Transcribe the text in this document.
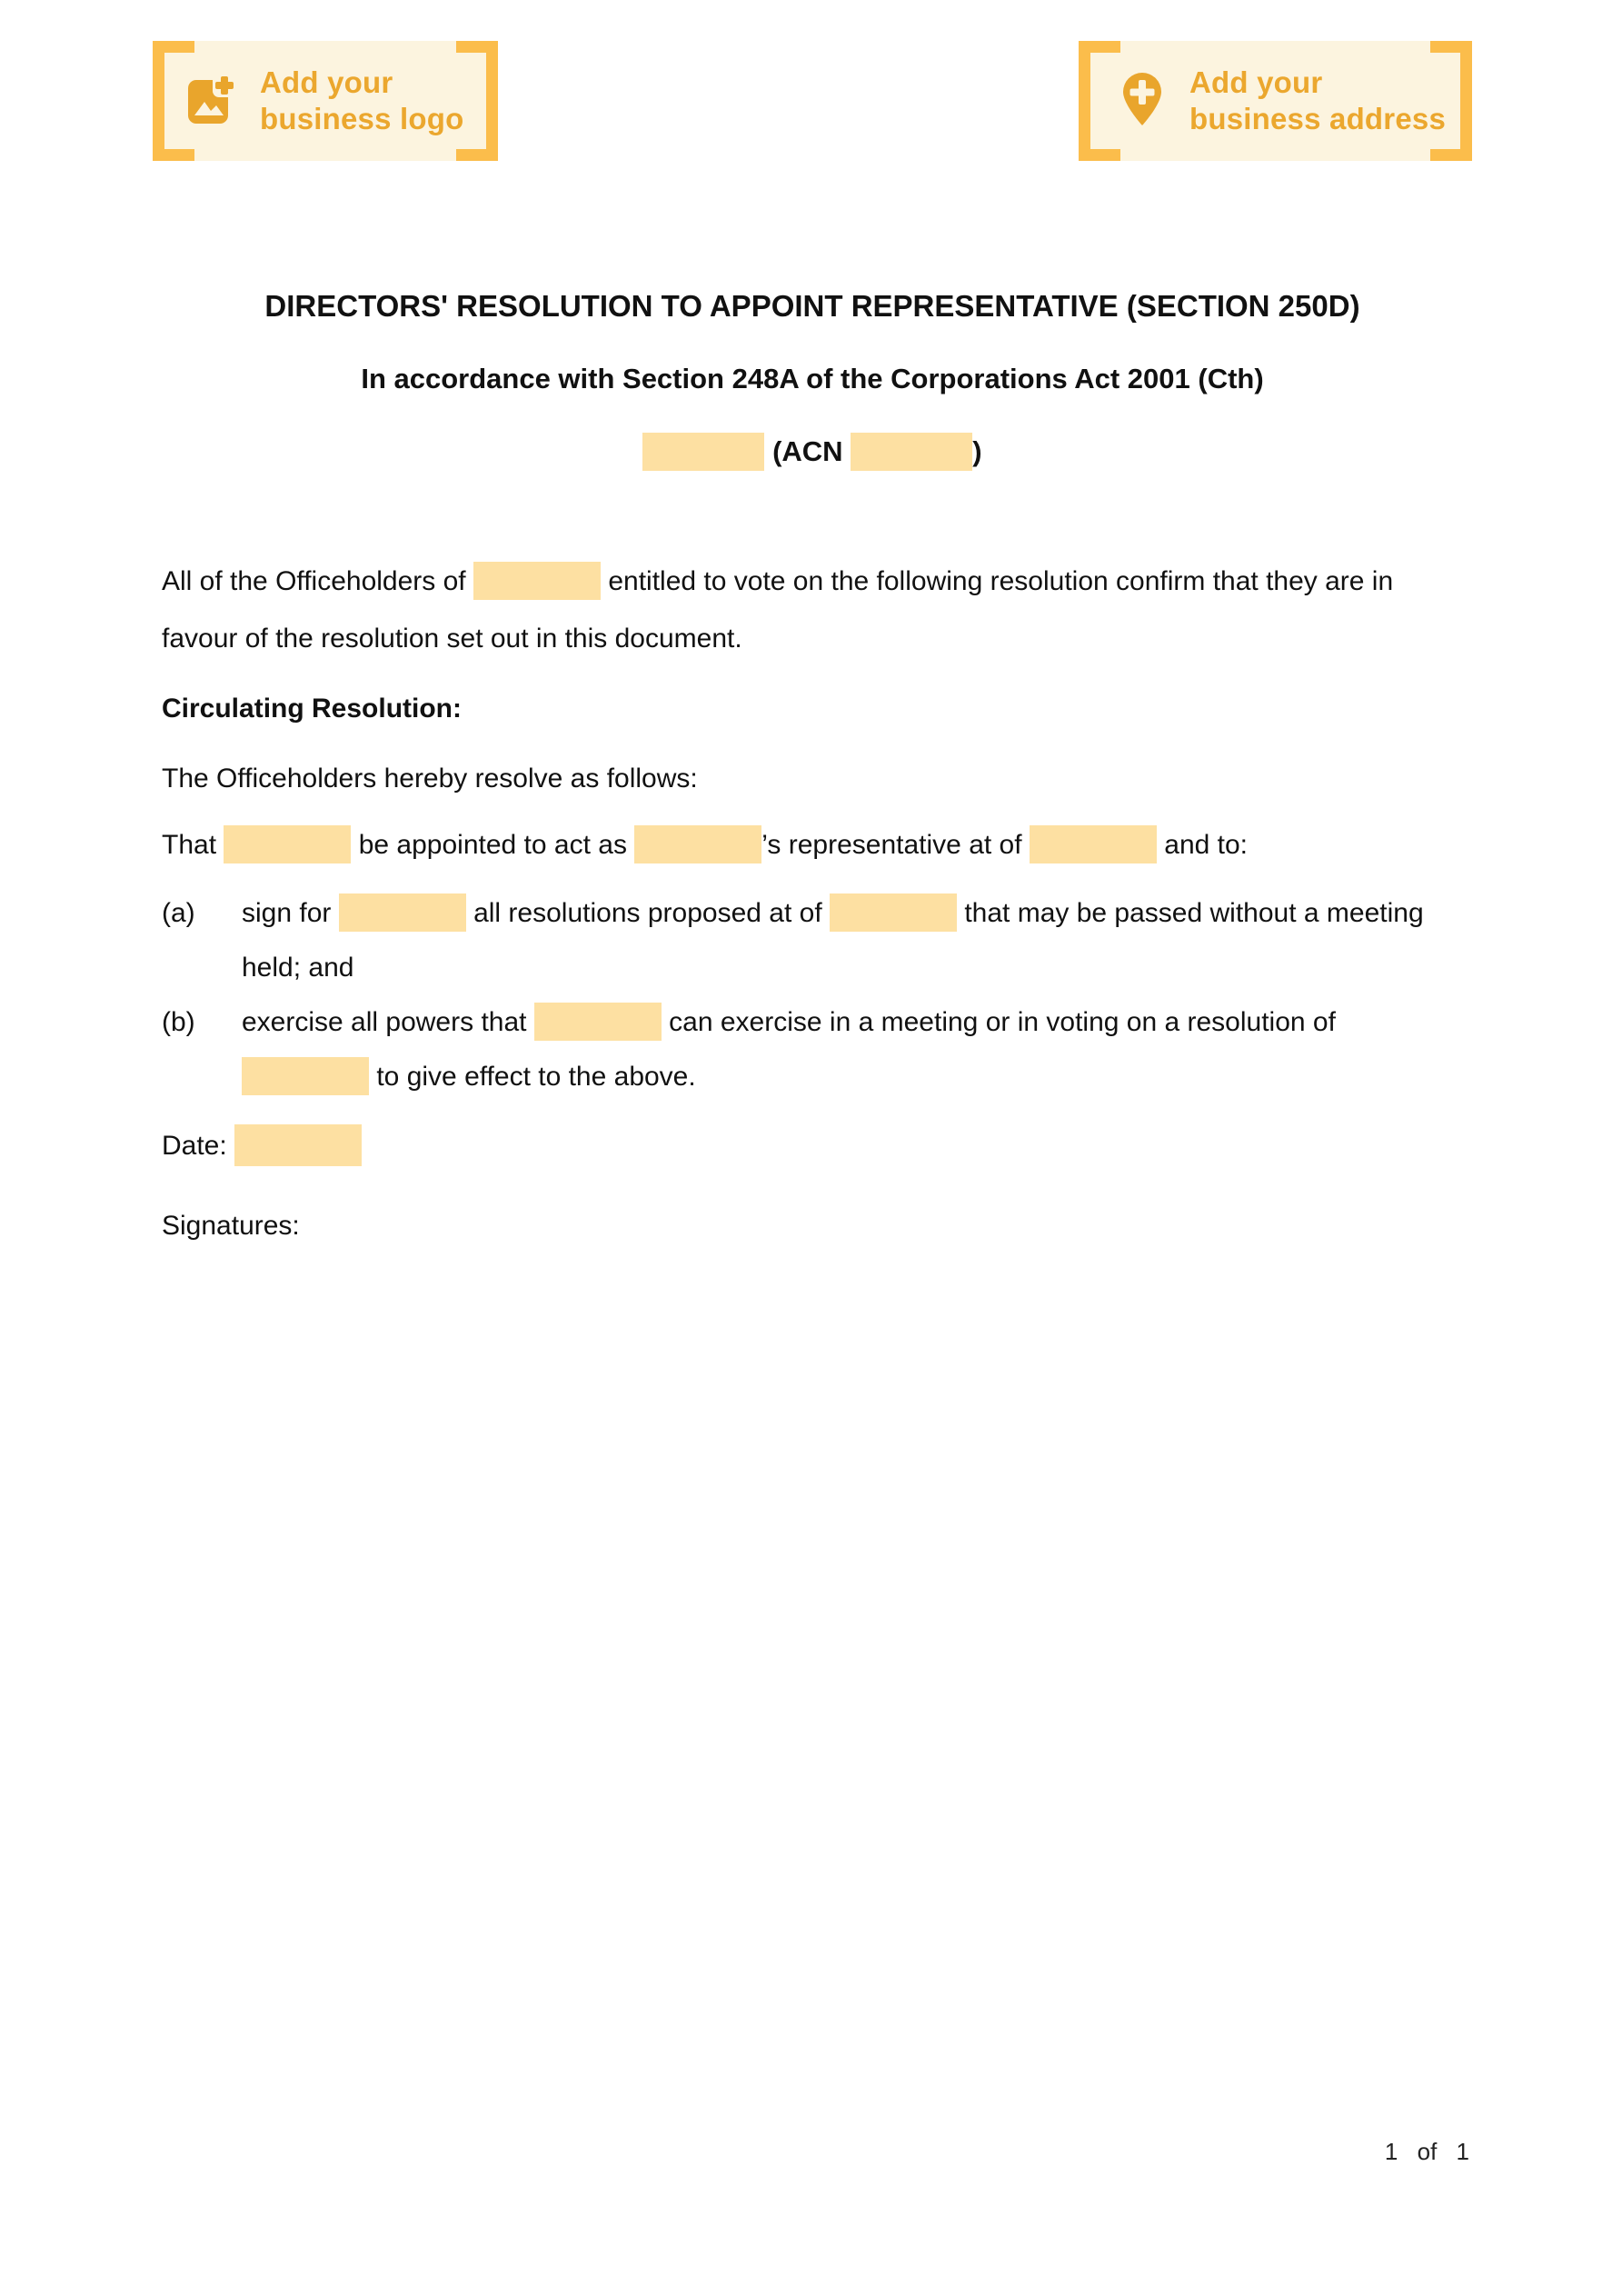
Add your
business logo
Add your
business address
DIRECTORS' RESOLUTION TO APPOINT REPRESENTATIVE (SECTION 250D)
In accordance with Section 248A of the Corporations Act 2001 (Cth)
(ACN	)

All of the Officeholders of	entitled to vote on the following resolution confirm that they are in favour of the resolution set out in this document.

Circulating Resolution:

The Officeholders hereby resolve as follows:

That	be appointed to act as	’s representative at of	and to:

(a)	sign for	all resolutions proposed at of	that may be passed without a meeting held; and
(b)	exercise all powers that	can exercise in a meeting or in voting on a resolution of  to give effect to the above.

Date:

Signatures:

1 of 1
